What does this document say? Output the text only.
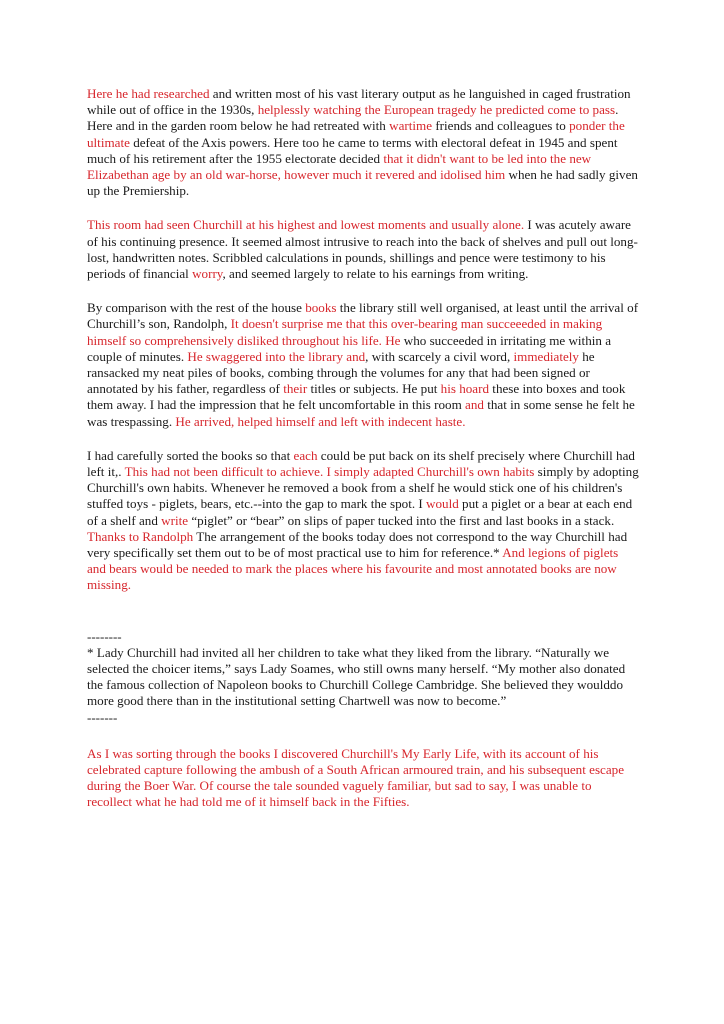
Here he had researched and written most of his vast literary output as he languished in caged frustration while out of office in the 1930s, helplessly watching the European tragedy he predicted come to pass. Here and in the garden room below he had retreated with wartime friends and colleagues to ponder the ultimate defeat of the Axis powers. Here too he came to terms with electoral defeat in 1945 and spent much of his retirement after the 1955 electorate decided that it didn't want to be led into the new Elizabethan age by an old war-horse, however much it revered and idolised him when he had sadly given up the Premiership.

This room had seen Churchill at his highest and lowest moments and usually alone. I was acutely aware of his continuing presence. It seemed almost intrusive to reach into the back of shelves and pull out long-lost, handwritten notes. Scribbled calculations in pounds, shillings and pence were testimony to his periods of financial worry, and seemed largely to relate to his earnings from writing.

By comparison with the rest of the house books the library still well organised, at least until the arrival of Churchill’s son, Randolph, It doesn't surprise me that this over-bearing man succeeeded in making himself so comprehensively disliked throughout his life. He who succeeded in irritating me within a couple of minutes. He swaggered into the library and, with scarcely a civil word, immediately he ransacked my neat piles of books, combing through the volumes for any that had been signed or annotated by his father, regardless of their titles or subjects. He put his hoard these into boxes and took them away. I had the impression that he felt uncomfortable in this room and that in some sense he felt he was trespassing. He arrived, helped himself and left with indecent haste.

I had carefully sorted the books so that each could be put back on its shelf precisely where Churchill had left it,. This had not been difficult to achieve. I simply adapted Churchill's own habits simply by adopting Churchill's own habits. Whenever he removed a book from a shelf he would stick one of his children's stuffed toys - piglets, bears, etc.--into the gap to mark the spot. I would put a piglet or a bear at each end of a shelf and write “piglet” or “bear” on slips of paper tucked into the first and last books in a stack. Thanks to Randolph The arrangement of the books today does not correspond to the way Churchill had very specifically set them out to be of most practical use to him for reference.* And legions of piglets and bears would be needed to mark the places where his favourite and most annotated books are now missing.

--------

* Lady Churchill had invited all her children to take what they liked from the library. “Naturally we selected the choicer items,” says Lady Soames, who still owns many herself. “My mother also donated the famous collection of Napoleon books to Churchill College Cambridge. She believed they woulddo more good there than in the institutional setting Chartwell was now to become.”

-------

As I was sorting through the books I discovered Churchill's My Early Life, with its account of his celebrated capture following the ambush of a South African armoured train, and his subsequent escape during the Boer War. Of course the tale sounded vaguely familiar, but sad to say, I was unable to recollect what he had told me of it himself back in the Fifties.
